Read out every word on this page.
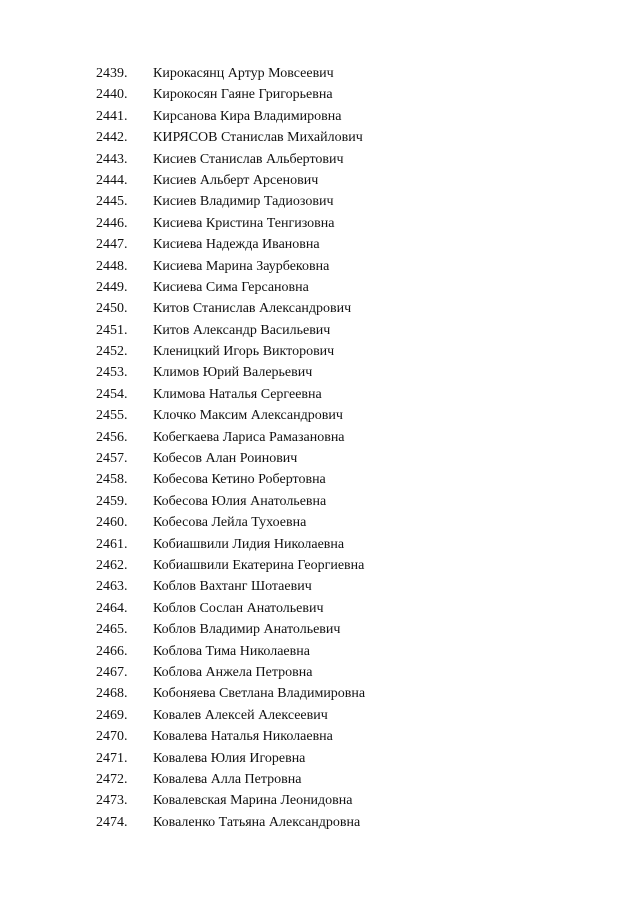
2439.	Кирокасянц Артур Мовсеевич
2440.	Кирокосян Гаяне Григорьевна
2441.	Кирсанова Кира Владимировна
2442.	КИРЯСОВ Станислав Михайлович
2443.	Кисиев Станислав Альбертович
2444.	Кисиев Альберт Арсенович
2445.	Кисиев Владимир Тадиозович
2446.	Кисиева Кристина Тенгизовна
2447.	Кисиева Надежда Ивановна
2448.	Кисиева Марина Заурбековна
2449.	Кисиева Сима Герсановна
2450.	Китов Станислав Александрович
2451.	Китов Александр Васильевич
2452.	Кленицкий Игорь Викторович
2453.	Климов Юрий Валерьевич
2454.	Климова Наталья Сергеевна
2455.	Клочко Максим Александрович
2456.	Кобегкаева Лариса Рамазановна
2457.	Кобесов Алан Роинович
2458.	Кобесова Кетино Робертовна
2459.	Кобесова Юлия Анатольевна
2460.	Кобесова Лейла Тухоевна
2461.	Кобиашвили Лидия Николаевна
2462.	Кобиашвили Екатерина Георгиевна
2463.	Коблов Вахтанг Шотаевич
2464.	Коблов Сослан Анатольевич
2465.	Коблов Владимир Анатольевич
2466.	Коблова Тима Николаевна
2467.	Коблова Анжела Петровна
2468.	Кобоняева Светлана Владимировна
2469.	Ковалев Алексей Алексеевич
2470.	Ковалева Наталья Николаевна
2471.	Ковалева Юлия Игоревна
2472.	Ковалева Алла Петровна
2473.	Ковалевская Марина Леонидовна
2474.	Коваленко Татьяна Александровна
